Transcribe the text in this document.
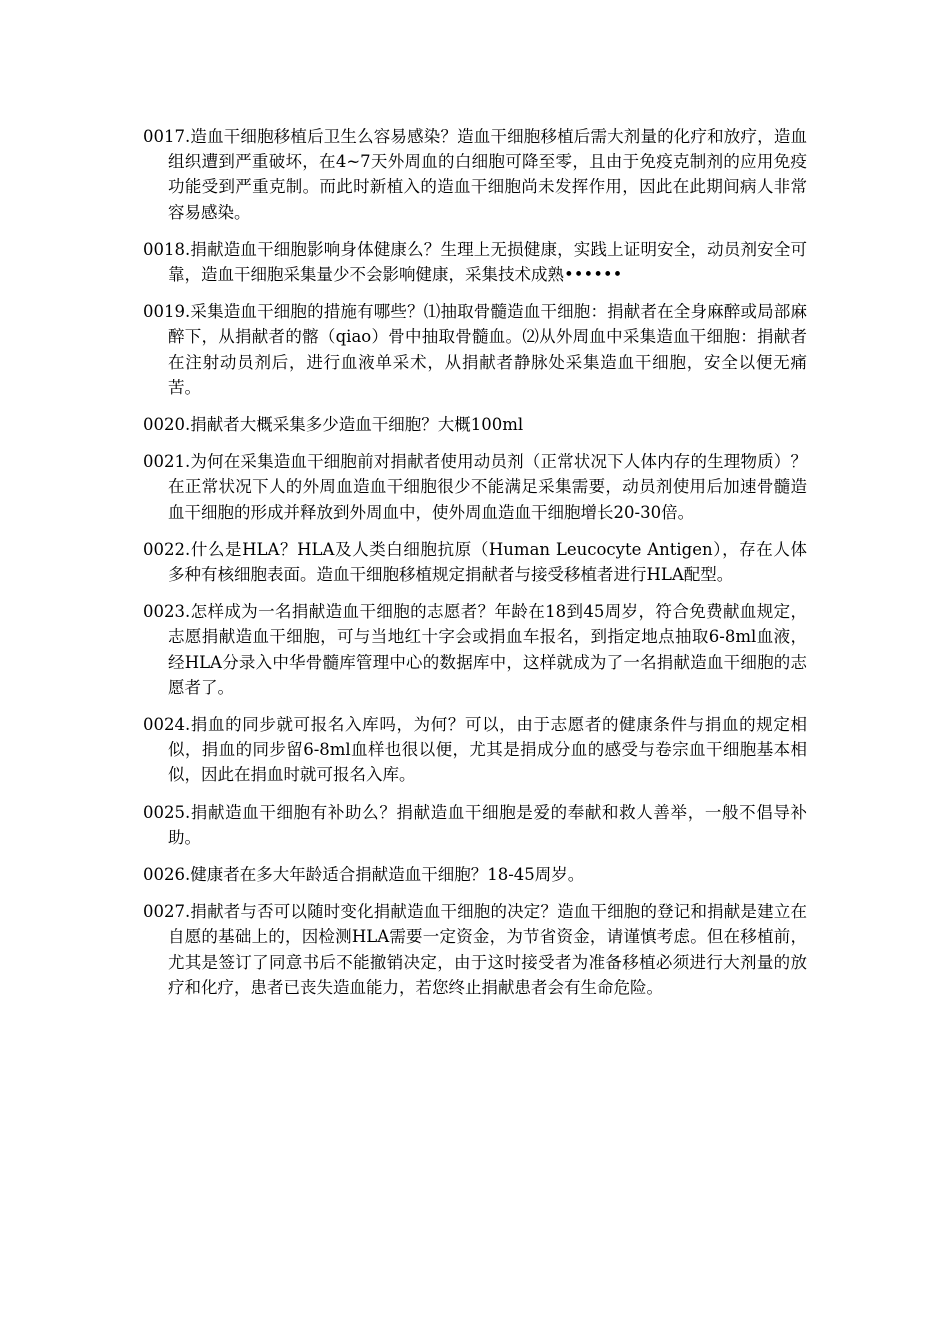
0017.造血干细胞移植后卫生么容易感染？造血干细胞移植后需大剂量的化疗和放疗，造血组织遭到严重破坏，在4~7天外周血的白细胞可降至零，且由于免疫克制剂的应用免疫功能受到严重克制。而此时新植入的造血干细胞尚未发挥作用，因此在此期间病人非常容易感染。

0018.捐献造血干细胞影响身体健康么？生理上无损健康，实践上证明安全，动员剂安全可靠，造血干细胞采集量少不会影响健康，采集技术成熟••••••

0019.采集造血干细胞的措施有哪些？⑴抽取骨髓造血干细胞：捐献者在全身麻醉或局部麻醉下，从捐献者的髂（qiao）骨中抽取骨髓血。⑵从外周血中采集造血干细胞：捐献者在注射动员剂后，进行血液单采术，从捐献者静脉处采集造血干细胞，安全以便无痛苦。

0020.捐献者大概采集多少造血干细胞？大概100ml

0021.为何在采集造血干细胞前对捐献者使用动员剂（正常状况下人体内存的生理物质）？在正常状况下人的外周血造血干细胞很少不能满足采集需要，动员剂使用后加速骨髓造血干细胞的形成并释放到外周血中，使外周血造血干细胞增长20-30倍。

0022.什么是HLA？HLA及人类白细胞抗原（Human Leucocyte Antigen），存在人体多种有核细胞表面。造血干细胞移植规定捐献者与接受移植者进行HLA配型。

0023.怎样成为一名捐献造血干细胞的志愿者？年龄在18到45周岁，符合免费献血规定，志愿捐献造血干细胞，可与当地红十字会或捐血车报名，到指定地点抽取6-8ml血液，经HLA分录入中华骨髓库管理中心的数据库中，这样就成为了一名捐献造血干细胞的志愿者了。

0024.捐血的同步就可报名入库吗，为何？可以，由于志愿者的健康条件与捐血的规定相似，捐血的同步留6-8ml血样也很以便，尤其是捐成分血的感受与卷宗血干细胞基本相似，因此在捐血时就可报名入库。

0025.捐献造血干细胞有补助么？捐献造血干细胞是爱的奉献和救人善举，一般不倡导补助。

0026.健康者在多大年龄适合捐献造血干细胞？18-45周岁。

0027.捐献者与否可以随时变化捐献造血干细胞的决定？造血干细胞的登记和捐献是建立在自愿的基础上的，因检测HLA需要一定资金，为节省资金，请谨慎考虑。但在移植前，尤其是签订了同意书后不能撤销决定，由于这时接受者为准备移植必须进行大剂量的放疗和化疗，患者已丧失造血能力，若您终止捐献患者会有生命危险。
